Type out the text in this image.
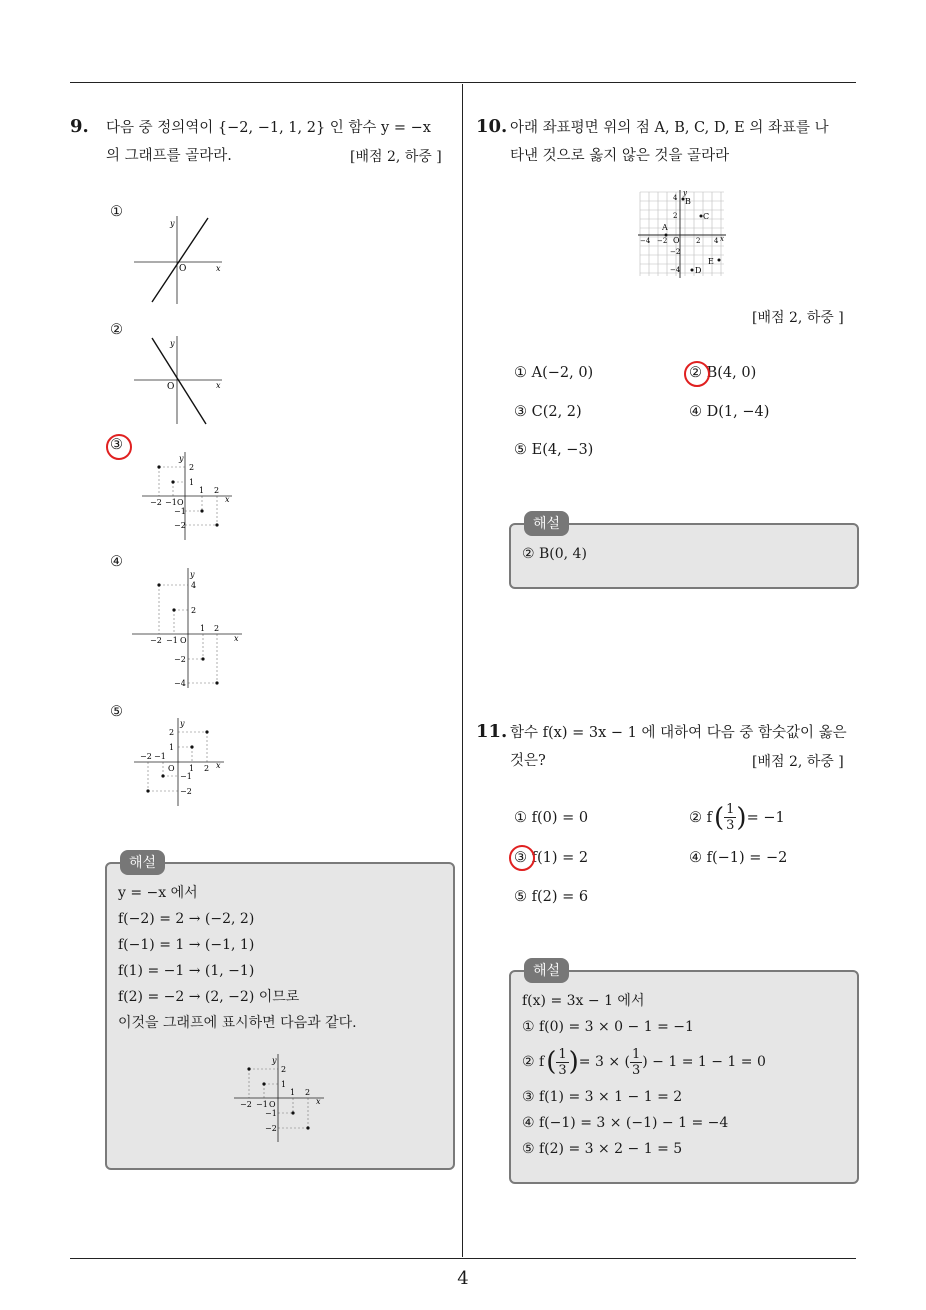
4
9. 다음 중 정의역이 {−2, −1, 1, 2} 인 함수 y = −x
의 그래프를 골라라.	[배점 2, 하중 ]
①
②
③
④
⑤
x
y
O
x
y
O
y
x
O
2
1
1 2
−2 −1
−1
−2
y
x
O
4
2
1 2
−2 −1
−2
−4
y
x
O
2
1
1 2
−2 −1
−1
−2
해설
y = −x 에서
f(−2) = 2 → (−2, 2)
f(−1) = 1 → (−1, 1)
f(1) = −1 → (1, −1)
f(2) = −2 → (2, −2) 이므로
이것을 그래프에 표시하면 다음과 같다.
y
x
O
2
1
1 2
−2 −1
−1
−2
10. 아래 좌표평면 위의 점 A, B, C, D, E 의 좌표를 나
타낸 것으로 옳지 않은 것을 골라라
A
B
C
D
E
y
x
O
4
2
−2
−4
−4 −2	2 4
[배점 2, 하중 ]
① A(−2, 0)	② B(4, 0)
③ C(2, 2)	④ D(1, −4)
⑤ E(4, −3)
해설
② B(0, 4)
11. 함수 f(x) = 3x − 1 에 대하여 다음 중 함숫값이 옳은
것은?	[배점 2, 하중 ]
① f(0) = 0	② f ( $\frac{1}{3}$ ) = −1
③ f(1) = 2	④ f(−1) = −2
⑤ f(2) = 6
해설
f(x) = 3x − 1 에서
① f(0) = 3 × 0 − 1 = −1
② f ( $\frac{1}{3}$ ) = 3 × ( $\frac{1}{3}$ ) − 1 = 1 − 1 = 0
③ f(1) = 3 × 1 − 1 = 2
④ f(−1) = 3 × (−1) − 1 = −4
⑤ f(2) = 3 × 2 − 1 = 5
